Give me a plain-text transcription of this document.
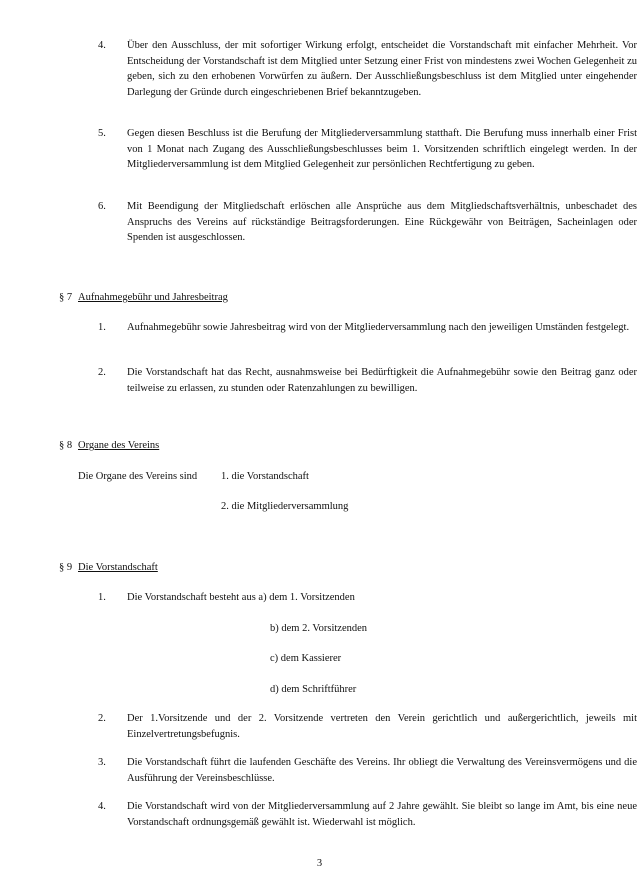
4.	Über den Ausschluss, der mit sofortiger Wirkung erfolgt, entscheidet die Vorstandschaft mit einfacher Mehrheit. Vor Entscheidung der Vorstandschaft ist dem Mitglied unter Setzung einer Frist von mindestens zwei Wochen Gelegenheit zu geben, sich zu den erhobenen Vorwürfen zu äußern. Der Ausschließungsbeschluss ist dem Mitglied unter eingehender Darlegung der Gründe durch eingeschriebenen Brief bekanntzugeben.
5.	Gegen diesen Beschluss ist die Berufung der Mitgliederversammlung statthaft. Die Berufung muss innerhalb einer Frist von 1 Monat nach Zugang des Ausschließungsbeschlusses beim 1. Vorsitzenden schriftlich eingelegt werden. In der Mitgliederversammlung ist dem Mitglied Gelegenheit zur persönlichen Rechtfertigung zu geben.
6.	Mit Beendigung der Mitgliedschaft erlöschen alle Ansprüche aus dem Mitgliedschaftsverhältnis, unbeschadet des Anspruchs des Vereins auf rückständige Beitragsforderungen. Eine Rückgewähr von Beiträgen, Sacheinlagen oder Spenden ist ausgeschlossen.
§ 7 Aufnahmegebühr und Jahresbeitrag
1.	Aufnahmegebühr sowie Jahresbeitrag wird von der Mitgliederversammlung nach den jeweiligen Umständen festgelegt.
2.	Die Vorstandschaft hat das Recht, ausnahmsweise bei Bedürftigkeit die Aufnahmegebühr sowie den Beitrag ganz oder teilweise zu erlassen, zu stunden oder Ratenzahlungen zu bewilligen.
§ 8 Organe des Vereins
Die Organe des Vereins sind 1. die Vorstandschaft
2. die Mitgliederversammlung
§ 9 Die Vorstandschaft
1.	Die Vorstandschaft besteht aus a) dem 1. Vorsitzenden
b) dem 2. Vorsitzenden
c) dem Kassierer
d) dem Schriftführer
2.	Der 1.Vorsitzende und der 2. Vorsitzende vertreten den Verein gerichtlich und außergerichtlich, jeweils mit Einzelvertretungsbefugnis.
3.	Die Vorstandschaft führt die laufenden Geschäfte des Vereins. Ihr obliegt die Verwaltung des Vereinsvermögens und die Ausführung der Vereinsbeschlüsse.
4.	Die Vorstandschaft wird von der Mitgliederversammlung auf 2 Jahre gewählt. Sie bleibt so lange im Amt, bis eine neue Vorstandschaft ordnungsgemäß gewählt ist. Wiederwahl ist möglich.
3
